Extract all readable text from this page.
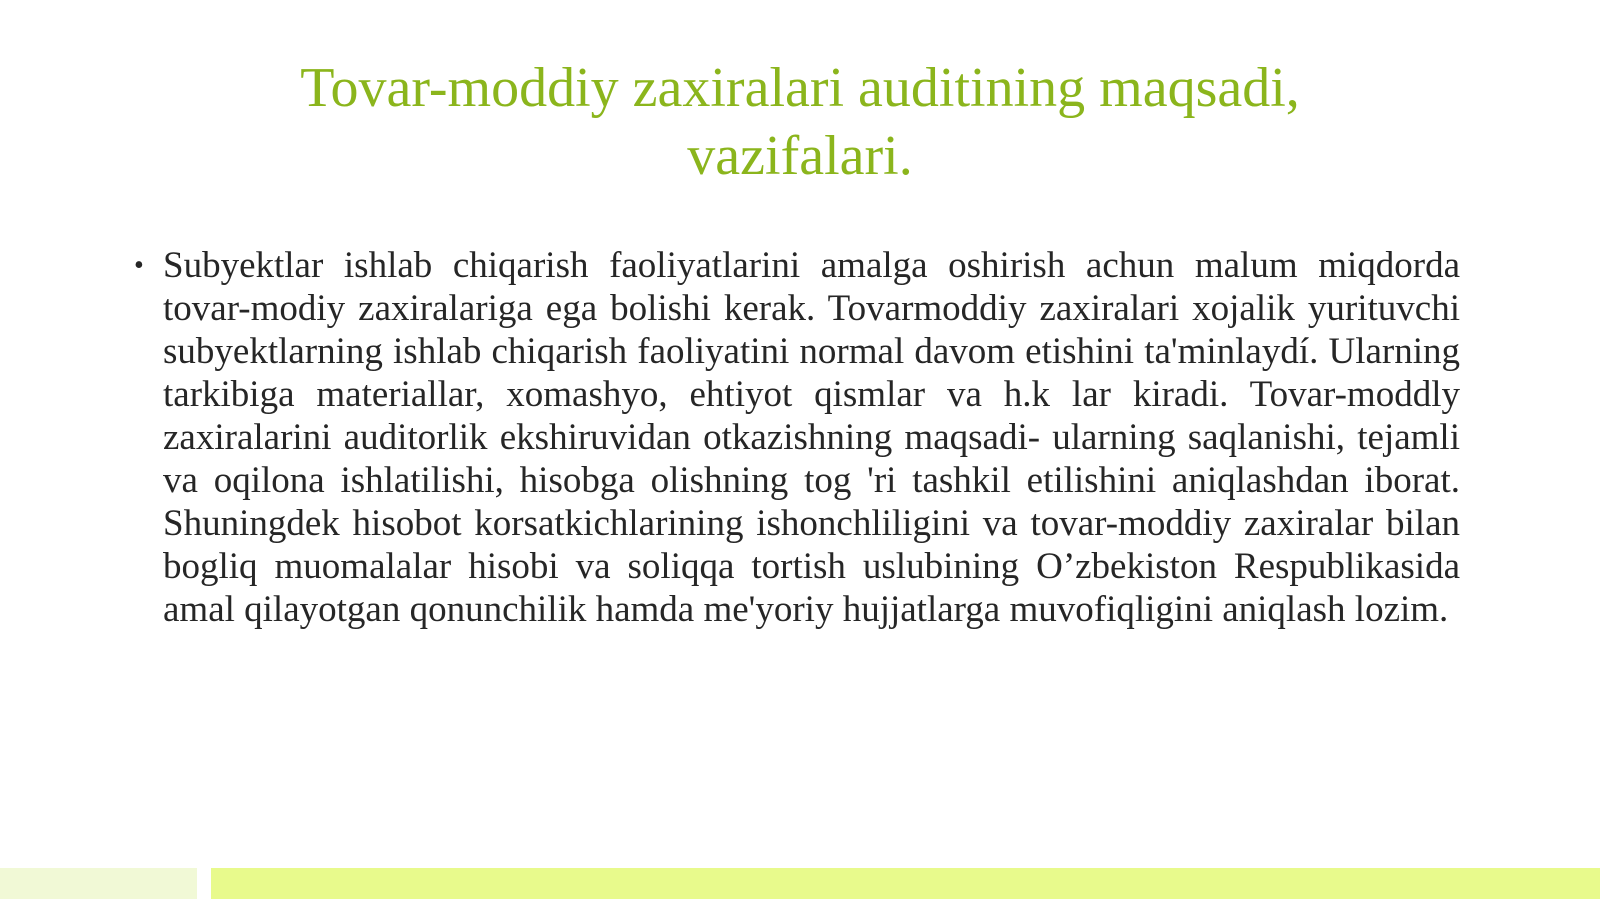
Tovar-moddiy zaxiralari auditining maqsadi,
vazifalari.
• Subyektlar ishlab chiqarish faoliyatlarini amalga oshirish achun malum miqdorda tovar-modiy zaxiralariga ega bolishi kerak. Tovarmoddiy zaxiralari xojalik yurituvchi subyektlarning ishlab chiqarish faoliyatini normal davom etishini ta'minlaydí. Ularning tarkibiga materiallar, xomashyo, ehtiyot qismlar va h.k lar kiradi. Tovar-moddly zaxiralarini auditorlik ekshiruvidan otkazishning maqsadi- ularning saqlanishi, tejamli va oqilona ishlatilishi, hisobga olishning tog 'ri tashkil etilishini aniqlashdan iborat. Shuningdek hisobot korsatkichlarining ishonchliligini va tovar-moddiy zaxiralar bilan bogliq muomalalar hisobi va soliqqa tortish uslubining O’zbekiston Respublikasida amal qilayotgan qonunchilik hamda me'yoriy hujjatlarga muvofiqligini aniqlash lozim.
